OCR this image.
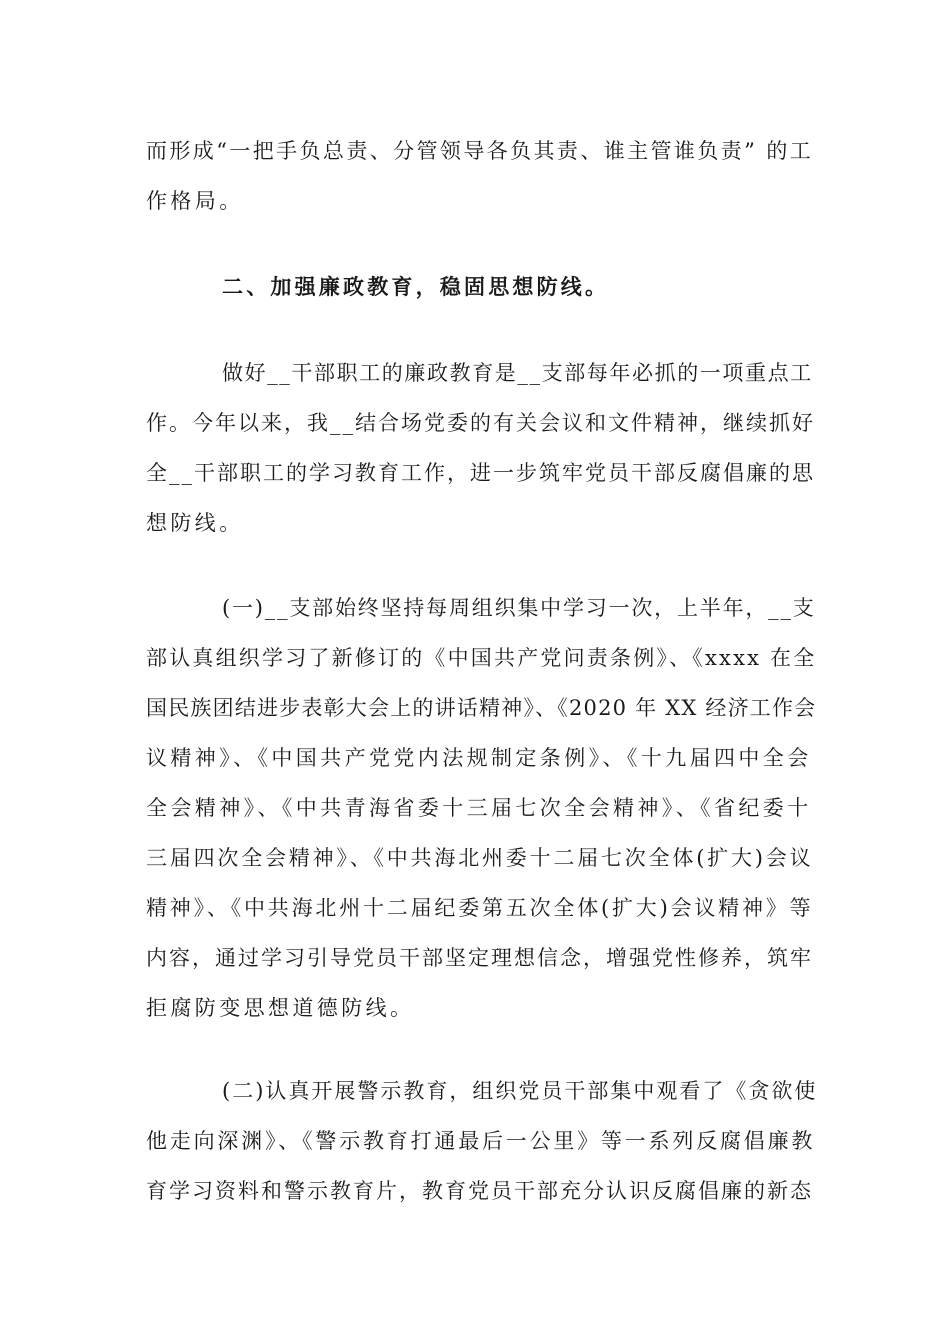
而形成“一把手负总责、分管领导各负其责、谁主管谁负责” 的工
作格局。
二、加强廉政教育，稳固思想防线。
做好__干部职工的廉政教育是__支部每年必抓的一项重点工
作。今年以来，我__结合场党委的有关会议和文件精神，继续抓好
全__干部职工的学习教育工作，进一步筑牢党员干部反腐倡廉的思
想防线。
(一)__支部始终坚持每周组织集中学习一次，上半年，__支
部认真组织学习了新修订的《中国共产党问责条例》、《xxxx 在全
国民族团结进步表彰大会上的讲话精神》、《2020 年 XX 经济工作会
议精神》、《中国共产党党内法规制定条例》、《十九届四中全会
全会精神》、《中共青海省委十三届七次全会精神》、《省纪委十
三届四次全会精神》、《中共海北州委十二届七次全体(扩大)会议
精神》、《中共海北州十二届纪委第五次全体(扩大)会议精神》等
内容，通过学习引导党员干部坚定理想信念，增强党性修养，筑牢
拒腐防变思想道德防线。
(二)认真开展警示教育，组织党员干部集中观看了《贪欲使
他走向深渊》、《警示教育打通最后一公里》等一系列反腐倡廉教
育学习资料和警示教育片，教育党员干部充分认识反腐倡廉的新态
